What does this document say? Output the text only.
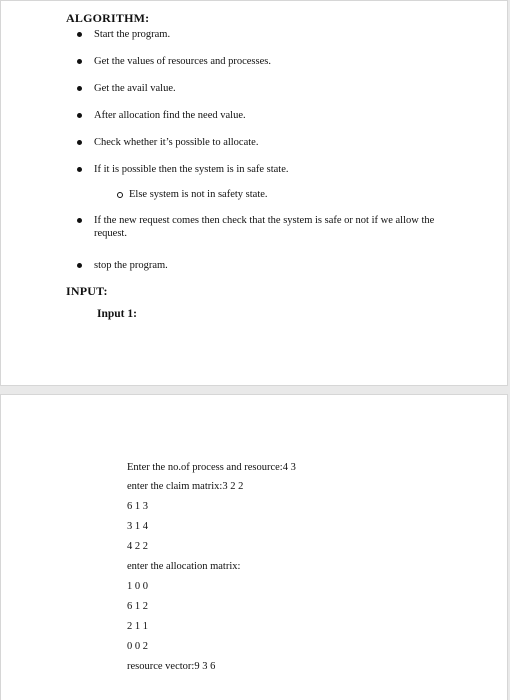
ALGORITHM:
Start the program.
Get the values of resources and processes.
Get the avail value.
After allocation find the need value.
Check whether it’s possible to allocate.
If it is possible then the system is in safe state.
Else system is not in safety state.
If the new request comes then check that the system is safe or not if we allow the request.
stop the program.
INPUT:
Input 1:
Enter the no.of process and resource:4 3
enter the claim matrix:3 2 2
6 1 3
3 1 4
4 2 2
enter the allocation matrix:
1 0 0
6 1 2
2 1 1
0 0 2
resource vector:9 3 6
